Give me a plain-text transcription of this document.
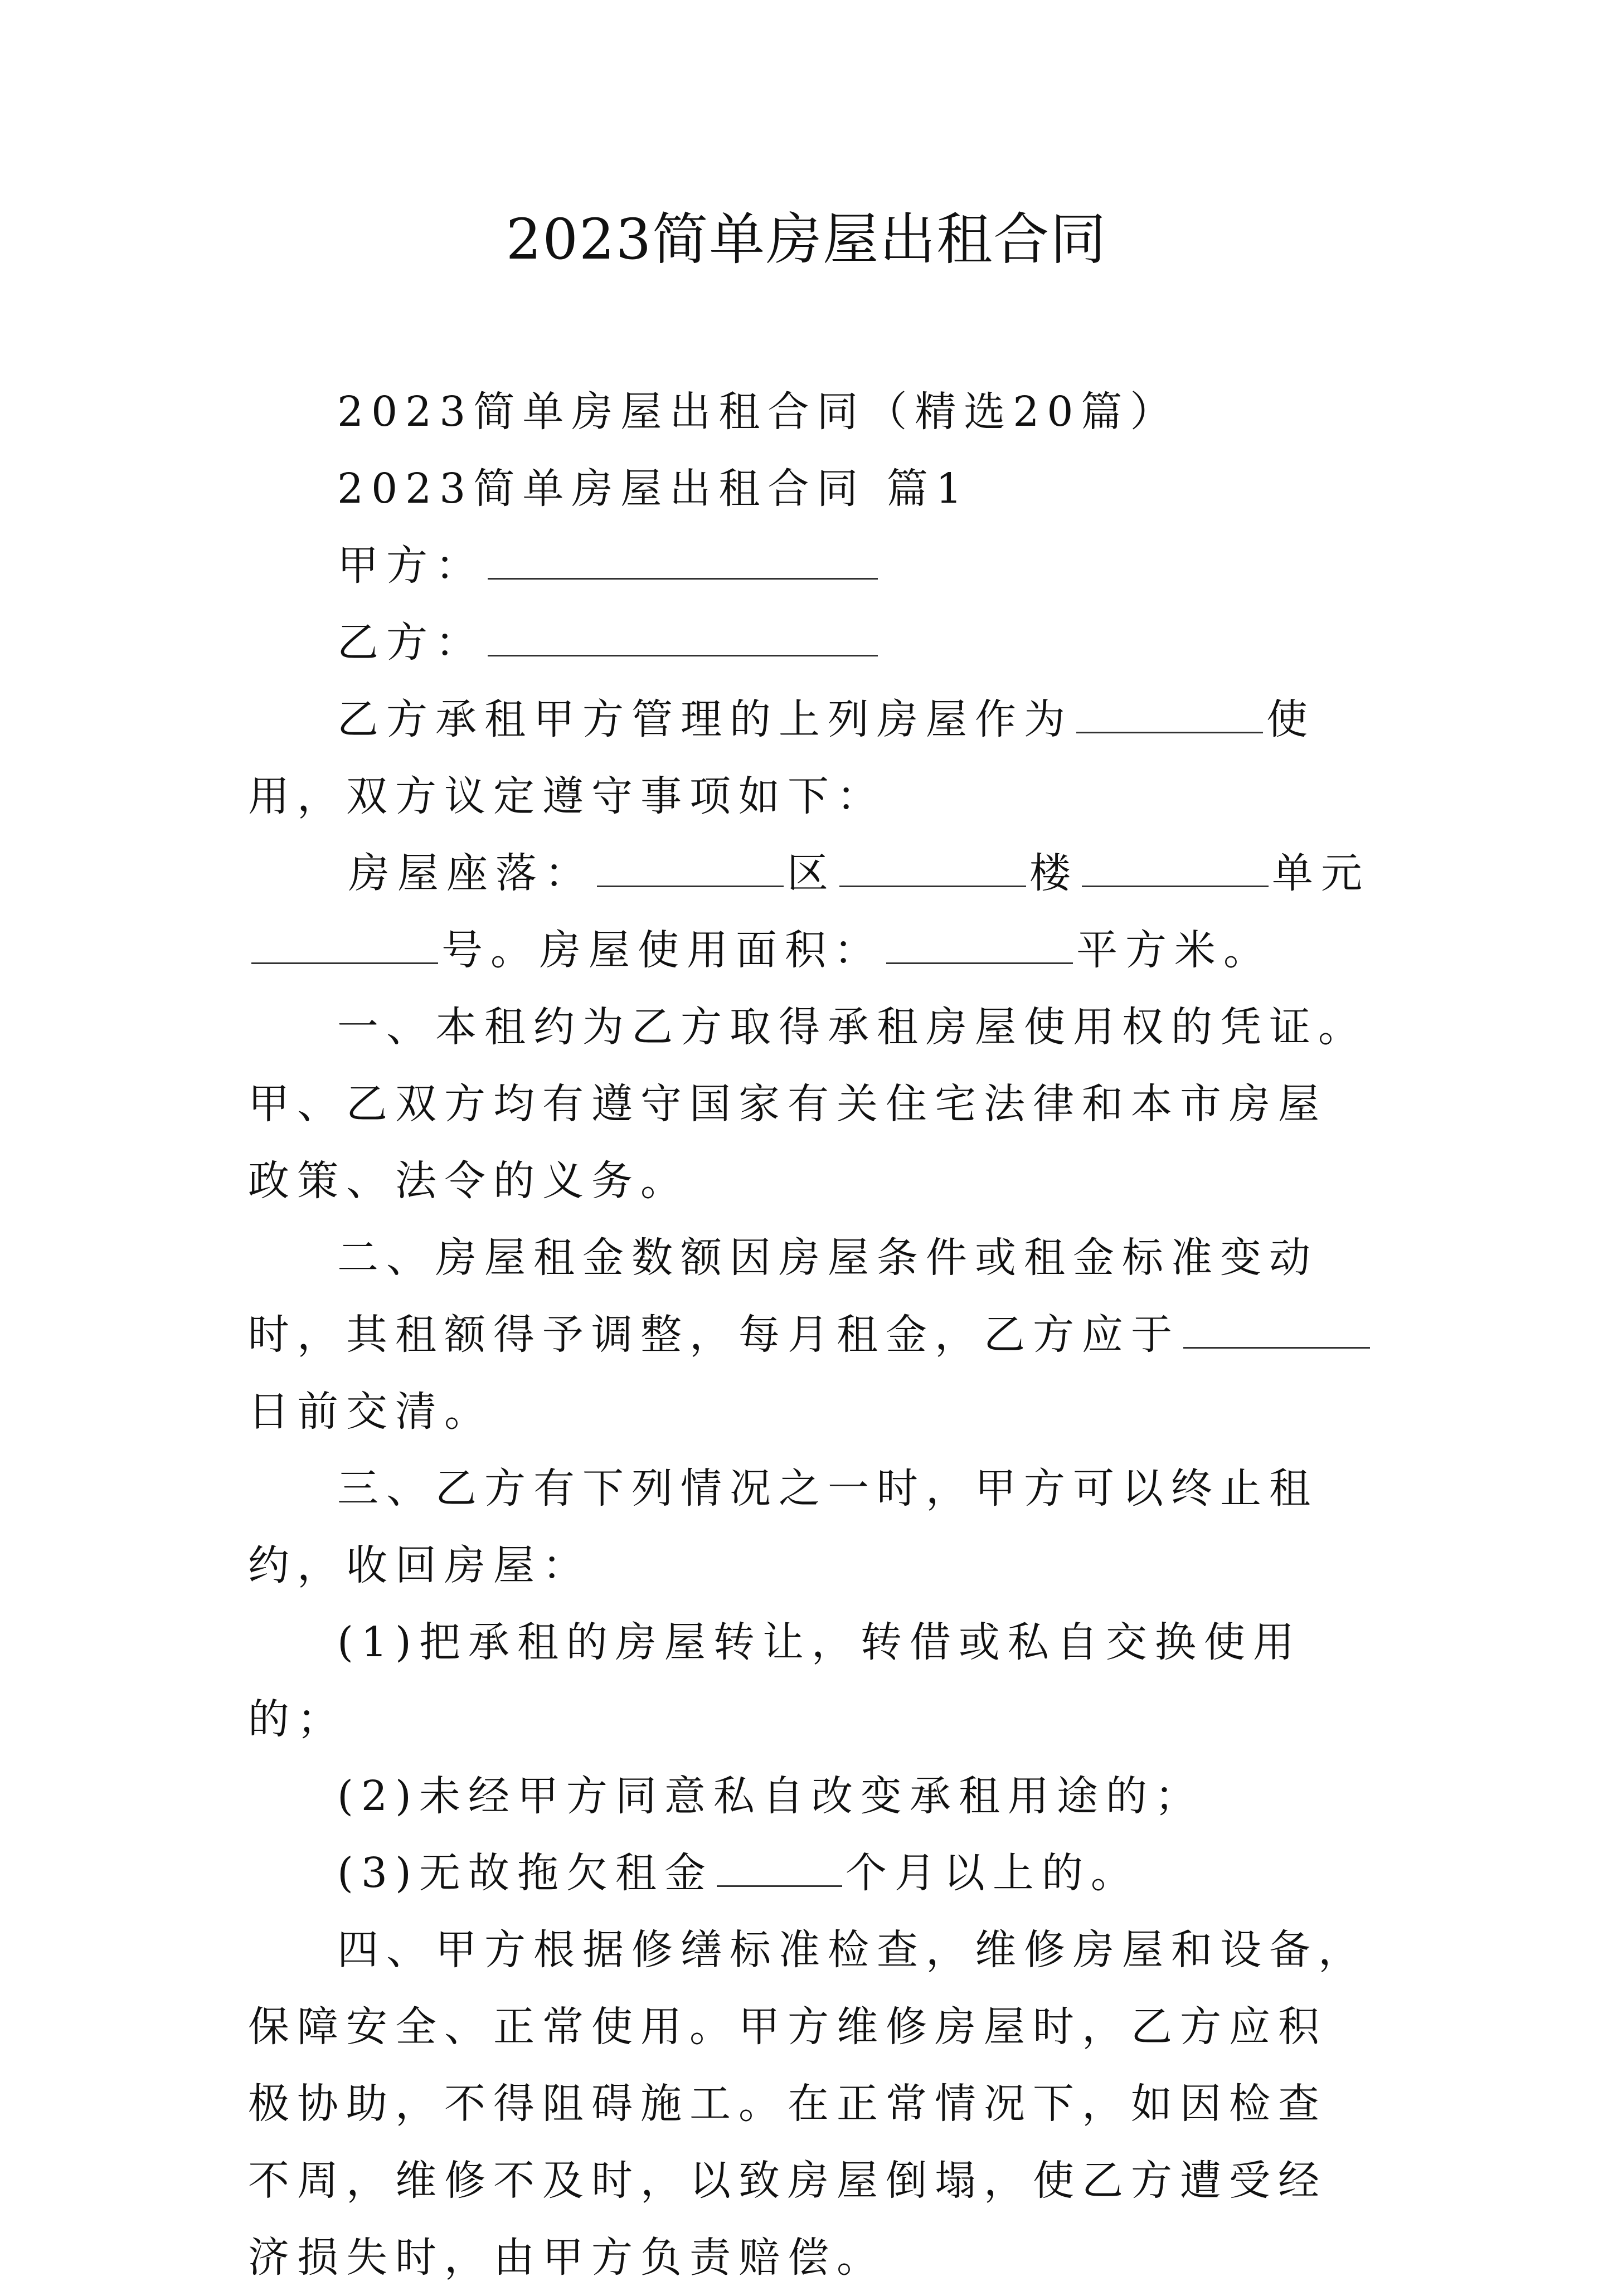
2023简单房屋出租合同

2023简单房屋出租合同（精选20篇）

2023简单房屋出租合同 篇1

甲方：

乙方：

乙方承租甲方管理的上列房屋作为	使用，双方议定遵守事项如下：

房屋座落：	区	楼	单元号。房屋使用面积：	平方米。

一、本租约为乙方取得承租房屋使用权的凭证。甲、乙双方均有遵守国家有关住宅法律和本市房屋政策、法令的义务。

二、房屋租金数额因房屋条件或租金标准变动时，其租额得予调整，每月租金，乙方应于日前交清。

三、乙方有下列情况之一时，甲方可以终止租约，收回房屋：

(1)把承租的房屋转让，转借或私自交换使用的；

(2)未经甲方同意私自改变承租用途的；

(3)无故拖欠租金	个月以上的。

四、甲方根据修缮标准检查，维修房屋和设备，保障安全、正常使用。甲方维修房屋时，乙方应积极协助，不得阻碍施工。在正常情况下，如因检查不周，维修不及时，以致房屋倒塌，使乙方遭受经济损失时，由甲方负责赔偿。
